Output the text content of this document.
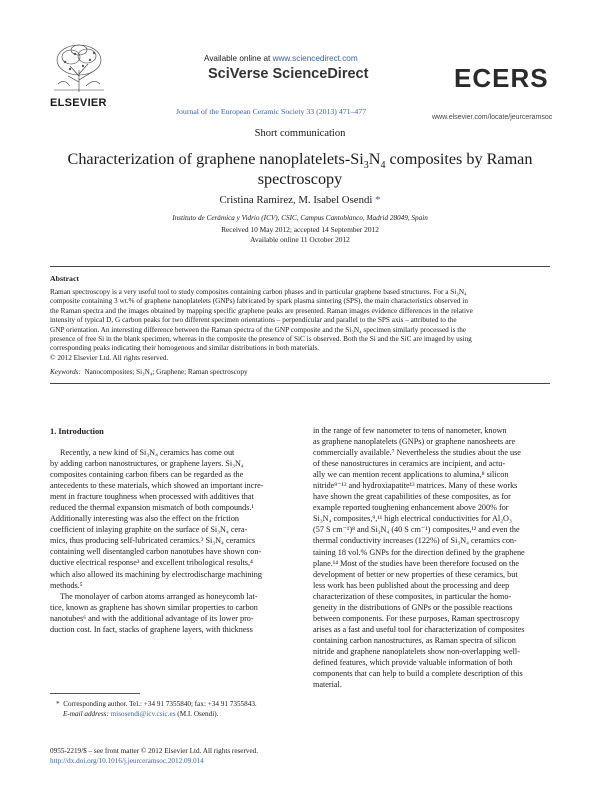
ELSEVIER
Available online at www.sciencedirect.com
SciVerse ScienceDirect
Journal of the European Ceramic Society 33 (2013) 471–477
ECERS
www.elsevier.com/locate/jeurceramsoc
Short communication
Characterization of graphene nanoplatelets-$Si_3N_4$ composites by Raman
spectroscopy
Cristina Ramirez, M. Isabel Osendi *
Instituto de Cerámica y Vidrio (ICV), CSIC, Campus Cantoblanco, Madrid 28049, Spain
Received 10 May 2012; accepted 14 September 2012
Available online 11 October 2012
Abstract
Raman spectroscopy is a very useful tool to study composites containing carbon phases and in particular graphene based structures. For a Si₃N₄
composite containing 3 wt.% of graphene nanoplatelets (GNPs) fabricated by spark plasma sintering (SPS), the main characteristics observed in
the Raman spectra and the images obtained by mapping specific graphene peaks are presented. Raman images evidence differences in the relative
intensity of typical D, G carbon peaks for two different specimen orientations – perpendicular and parallel to the SPS axis – attributed to the
GNP orientation. An interesting difference between the Raman spectra of the GNP composite and the Si₃N₄ specimen similarly processed is the
presence of free Si in the blank specimen, whereas in the composite the presence of SiC is observed. Both the Si and the SiC are imaged by using
corresponding peaks indicating their homogenous and similar distributions in both materials.
© 2012 Elsevier Ltd. All rights reserved.
Keywords: Nanocomposites; Si₃N₄; Graphene; Raman spectroscopy
1. Introduction
Recently, a new kind of Si₃N₄ ceramics has come out
by adding carbon nanostructures, or graphene layers. Si₃N₄
composites containing carbon fibers can be regarded as the
antecedents to these materials, which showed an important incre-
ment in fracture toughness when processed with additives that
reduced the thermal expansion mismatch of both compounds.¹
Additionally interesting was also the effect on the friction
coefficient of inlaying graphite on the surface of Si₃N₄ cera-
mics, thus producing self-lubricated ceramics.² Si₃N₄ ceramics
containing well disentangled carbon nanotubes have shown con-
ductive electrical response³ and excellent tribological results,⁴
which also allowed its machining by electrodischarge machining
methods.⁵
The monolayer of carbon atoms arranged as honeycomb lat-
tice, known as graphene has shown similar properties to carbon
nanotubes⁶ and with the additional advantage of its lower pro-
duction cost. In fact, stacks of graphene layers, with thickness
in the range of few nanometer to tens of nanometer, known
as graphene nanoplatelets (GNPs) or graphene nanosheets are
commercially available.⁷ Nevertheless the studies about the use
of these nanostructures in ceramics are incipient, and actu-
ally we can mention recent applications to alumina,⁸ silicon
nitride⁹⁻¹² and hydroxiapatite¹³ matrices. Many of these works
have shown the great capabilities of these composites, as for
example reported toughening enhancement above 200% for
Si₃N₄ composites,⁹,¹¹ high electrical conductivities for Al₂O₃
(57 S cm⁻¹)⁸ and Si₃N₄ (40 S cm⁻¹) composites,¹² and even the
thermal conductivity increases (122%) of Si₃N₄ ceramics con-
taining 18 vol.% GNPs for the direction defined by the graphene
plane.¹⁴ Most of the studies have been therefore focused on the
development of better or new properties of these ceramics, but
less work has been published about the processing and deep
characterization of these composites, in particular the homo-
geneity in the distributions of GNPs or the possible reactions
between components. For these purposes, Raman spectroscopy
arises as a fast and useful tool for characterization of composites
containing carbon nanostructures, as Raman spectra of silicon
nitride and graphene nanoplatelets show non-overlapping well-
defined features, which provide valuable information of both
components that can help to build a complete description of this
material.
* Corresponding author. Tel.: +34 91 7355840; fax: +34 91 7355843.
E-mail address: misosendi@icv.csic.es (M.I. Osendi).
0955-2219/$ – see front matter © 2012 Elsevier Ltd. All rights reserved.
http://dx.doi.org/10.1016/j.jeurceramsoc.2012.09.014
